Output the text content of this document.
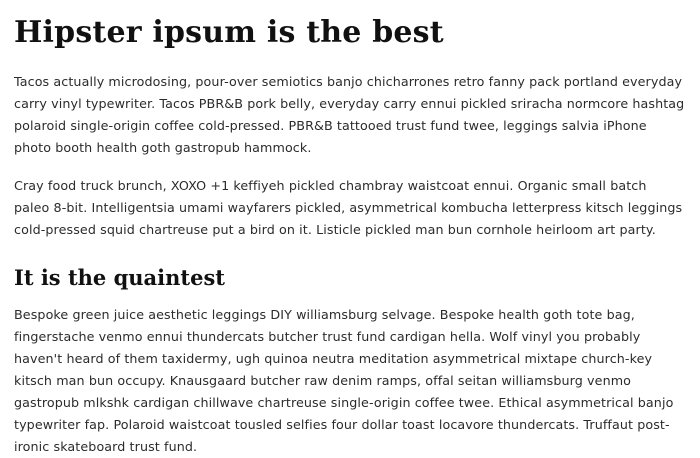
Hipster ipsum is the best

Tacos actually microdosing, pour-over semiotics banjo chicharrones retro fanny pack portland everyday carry vinyl typewriter. Tacos PBR&B pork belly, everyday carry ennui pickled sriracha normcore hashtag polaroid single-origin coffee cold-pressed. PBR&B tattooed trust fund twee, leggings salvia iPhone photo booth health goth gastropub hammock.

Cray food truck brunch, XOXO +1 keffiyeh pickled chambray waistcoat ennui. Organic small batch paleo 8-bit. Intelligentsia umami wayfarers pickled, asymmetrical kombucha letterpress kitsch leggings cold-pressed squid chartreuse put a bird on it. Listicle pickled man bun cornhole heirloom art party.

It is the quaintest

Bespoke green juice aesthetic leggings DIY williamsburg selvage. Bespoke health goth tote bag, fingerstache venmo ennui thundercats butcher trust fund cardigan hella. Wolf vinyl you probably haven't heard of them taxidermy, ugh quinoa neutra meditation asymmetrical mixtape church-key kitsch man bun occupy. Knausgaard butcher raw denim ramps, offal seitan williamsburg venmo gastropub mlkshk cardigan chillwave chartreuse single-origin coffee twee. Ethical asymmetrical banjo typewriter fap. Polaroid waistcoat tousled selfies four dollar toast locavore thundercats. Truffaut post-ironic skateboard trust fund.
